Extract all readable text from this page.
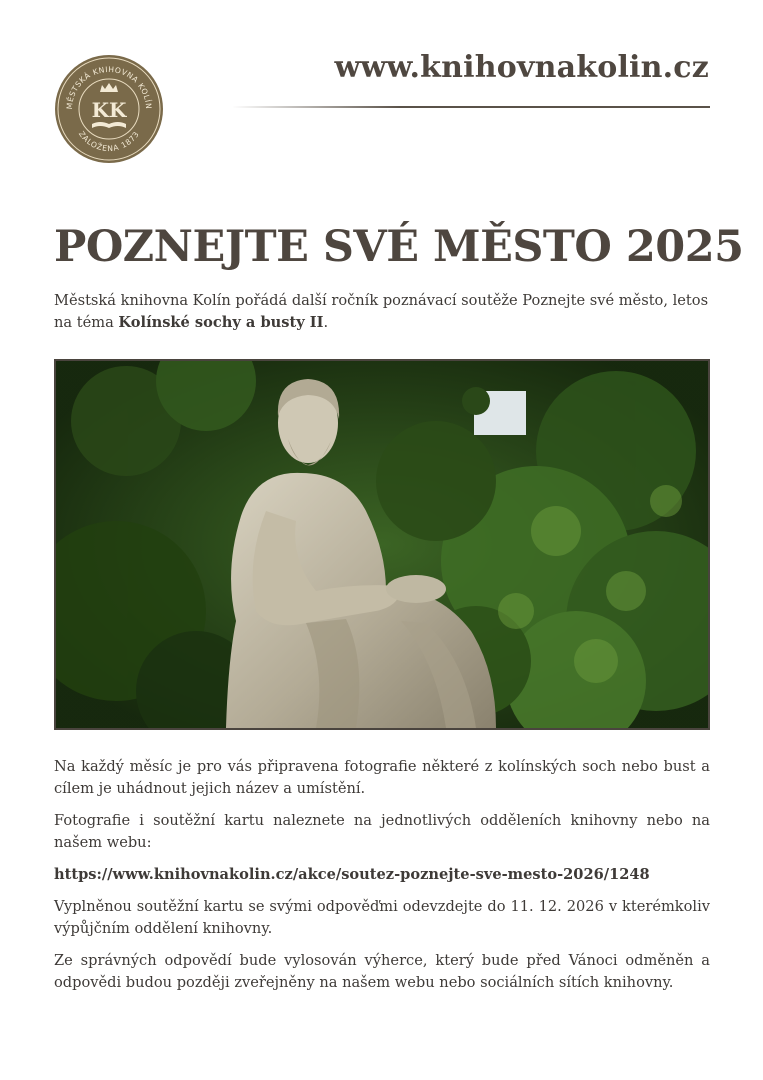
MĚSTSKÁ KNIHOVNA KOLÍN
ZALOŽENA 1873
KK
www.knihovnakolin.cz
POZNEJTE SVÉ MĚSTO 2025
Městská knihovna Kolín pořádá další ročník poznávací soutěže Poznejte své město, letos na téma Kolínské sochy a busty II.

Na každý měsíc je pro vás připravena fotografie některé z kolínských soch nebo bust a cílem je uhádnout jejich název a umístění.

Fotografie i soutěžní kartu naleznete na jednotlivých odděleních knihovny nebo na našem webu:

https://www.knihovnakolin.cz/akce/soutez-poznejte-sve-mesto-2026/1248

Vyplněnou soutěžní kartu se svými odpověďmi odevzdejte do 11. 12. 2026 v kterémkoliv výpůjčním oddělení knihovny.

Ze správných odpovědí bude vylosován výherce, který bude před Vánoci odměněn a odpovědi budou později zveřejněny na našem webu nebo sociálních sítích knihovny.
